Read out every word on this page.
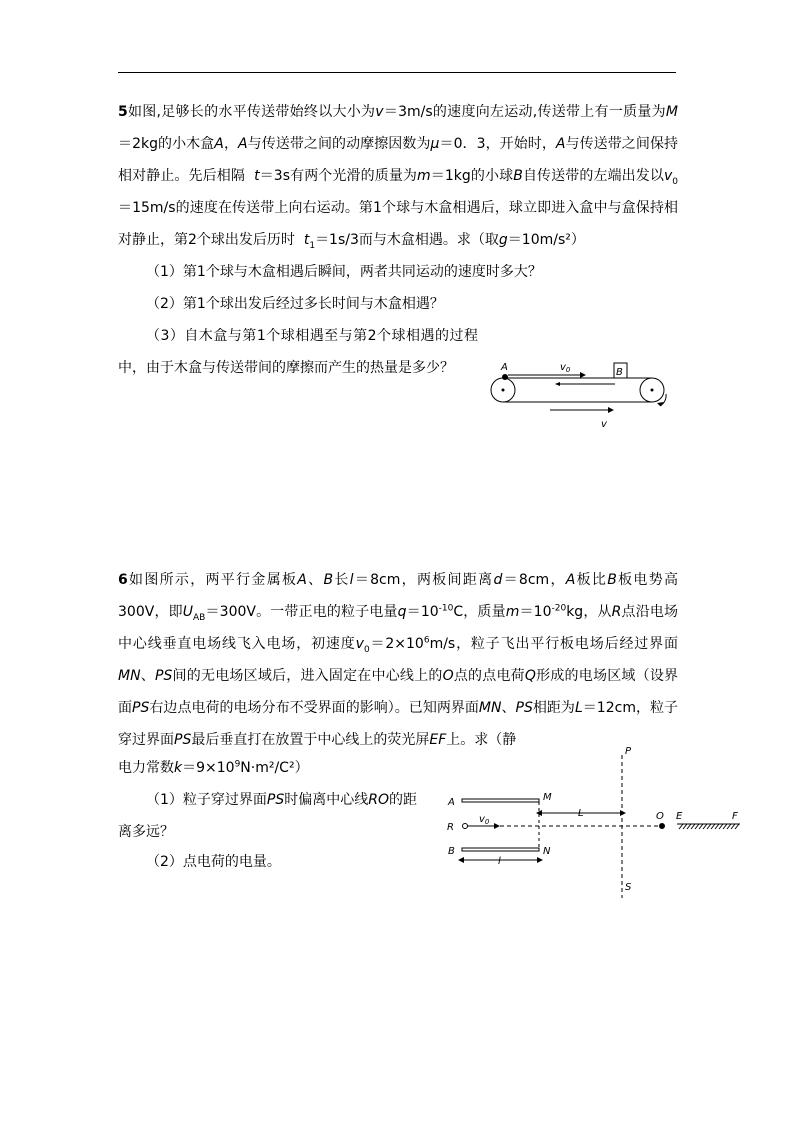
5如图,足够长的水平传送带始终以大小为v＝3m/s的速度向左运动,传送带上有一质量为M＝2kg的小木盒A，A与传送带之间的动摩擦因数为μ＝0．3，开始时，A与传送带之间保持相对静止。先后相隔 t＝3s有两个光滑的质量为m＝1kg的小球B自传送带的左端出发以$v_0=15m/s$的速度在传送带上向右运动。第1个球与木盒相遇后，球立即进入盒中与盒保持相对静止，第2个球出发后历时 $t_1=1s/3$而与木盒相遇。求（取g＝10m/s²）
（1）第1个球与木盒相遇后瞬间，两者共同运动的速度时多大？
（2）第1个球出发后经过多长时间与木盒相遇？
（3）自木盒与第1个球相遇至与第2个球相遇的过程中，由于木盒与传送带间的摩擦而产生的热量是多少？	A	B
$v_0$
v

6如图所示，两平行金属板A、B长l＝8cm，两板间距离d＝8cm，A板比B板电势高300V，即$U_{AB}=300V$。一带正电的粒子电量$q=10^{-10}C$，质量$m=10^{-20}kg$，从R点沿电场中心线垂直电场线飞入电场，初速度$v_0=2\times 10^6m/s$，粒子飞出平行板电场后经过界面MN、PS间的无电场区域后，进入固定在中心线上的O点的点电荷Q形成的电场区域（设界面PS右边点电荷的电场分布不受界面的影响）。已知两界面MN、PS相距为L＝12cm，粒子穿过界面PS最后垂直打在放置于中心线上的荧光屏EF上。求（静

电力常数$k=9\times 10^9N\cdot m^2/C^2$）

（1）粒子穿过界面PS时偏离中心线RO的距
离多远？

（2）点电荷的电量。

P
S
A
B
M
N
R
$v_0$
L
l
O E	F
